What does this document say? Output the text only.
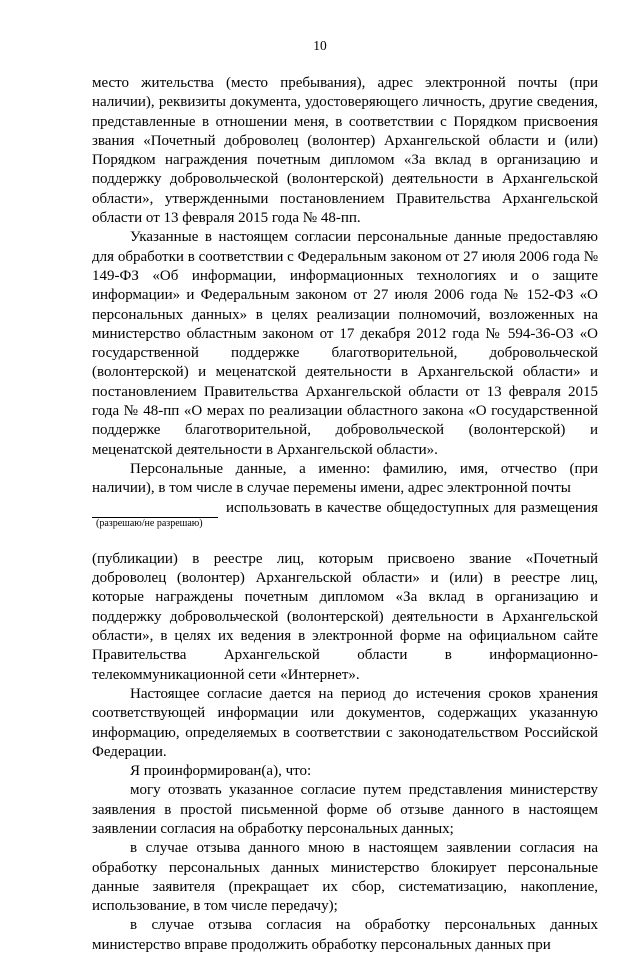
10

место жительства (место пребывания), адрес электронной почты (при наличии), реквизиты документа, удостоверяющего личность, другие сведения, представленные в отношении меня, в соответствии с Порядком присвоения звания «Почетный доброволец (волонтер) Архангельской области и (или) Порядком награждения почетным дипломом «За вклад в организацию и поддержку добровольческой (волонтерской) деятельности в Архангельской области», утвержденными постановлением Правительства Архангельской области от 13 февраля 2015 года № 48-пп.

Указанные в настоящем согласии персональные данные предоставляю для обработки в соответствии с Федеральным законом от 27 июля 2006 года № 149-ФЗ «Об информации, информационных технологиях и о защите информации» и Федеральным законом от 27 июля 2006 года № 152-ФЗ «О персональных данных» в целях реализации полномочий, возложенных на министерство областным законом от 17 декабря 2012 года № 594-36-ОЗ «О государственной поддержке благотворительной, добровольческой (волонтерской) и меценатской деятельности в Архангельской области» и постановлением Правительства Архангельской области от 13 февраля 2015 года № 48-пп «О мерах по реализации областного закона «О государственной поддержке благотворительной, добровольческой (волонтерской) и меценатской деятельности в Архангельской области».

Персональные данные, а именно: фамилию, имя, отчество (при наличии), в том числе в случае перемены имени, адрес электронной почты

использовать в качестве общедоступных для размещения
(разрешаю/не разрешаю)

(публикации) в реестре лиц, которым присвоено звание «Почетный доброволец (волонтер) Архангельской области» и (или) в реестре лиц, которые награждены почетным дипломом «За вклад в организацию и поддержку добровольческой (волонтерской) деятельности в Архангельской области», в целях их ведения в электронной форме на официальном сайте Правительства Архангельской области в информационно-телекоммуникационной сети «Интернет».

Настоящее согласие дается на период до истечения сроков хранения соответствующей информации или документов, содержащих указанную информацию, определяемых в соответствии с законодательством Российской Федерации.

Я проинформирован(а), что:

могу отозвать указанное согласие путем представления министерству заявления в простой письменной форме об отзыве данного в настоящем заявлении согласия на обработку персональных данных;

в случае отзыва данного мною в настоящем заявлении согласия на обработку персональных данных министерство блокирует персональные данные заявителя (прекращает их сбор, систематизацию, накопление, использование, в том числе передачу);

в случае отзыва согласия на обработку персональных данных министерство вправе продолжить обработку персональных данных при
